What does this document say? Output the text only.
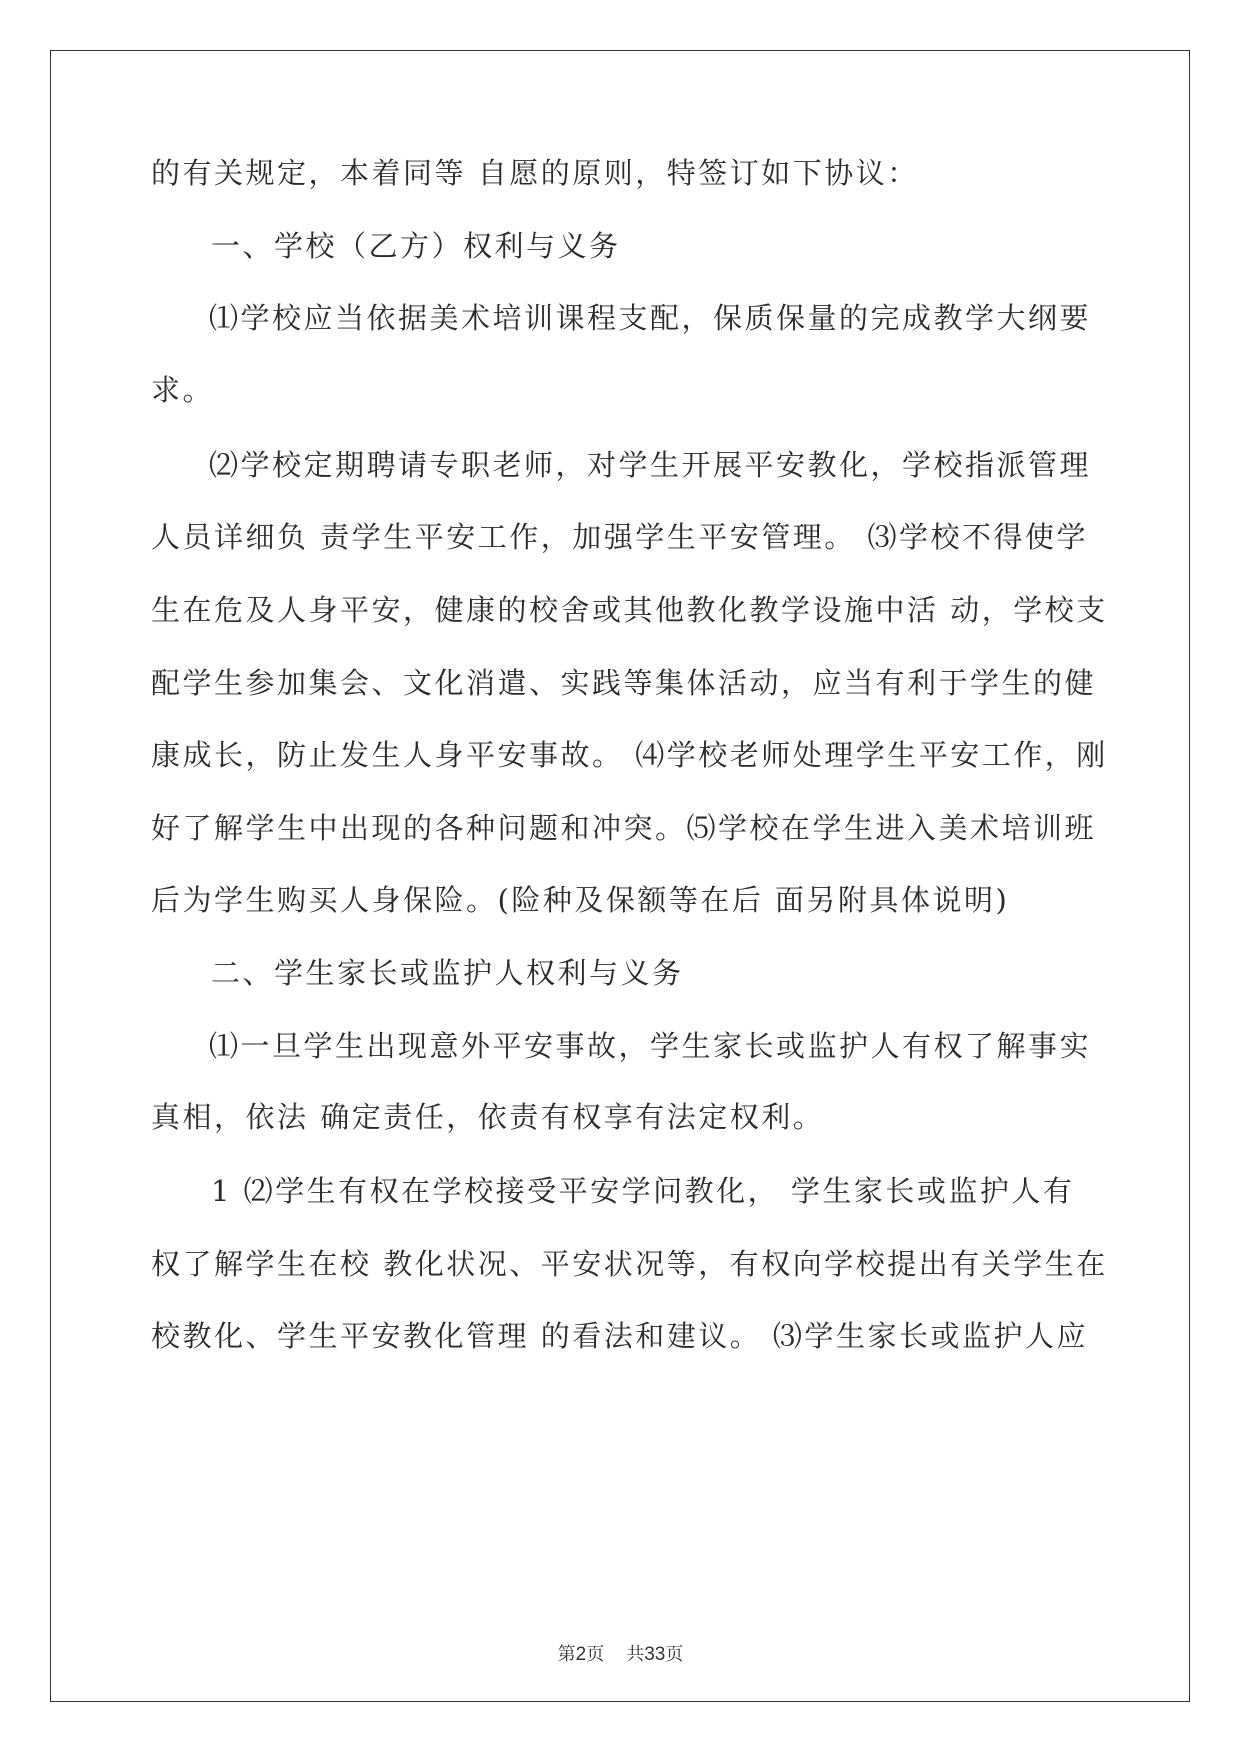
的有关规定，本着同等 自愿的原则，特签订如下协议：
一、学校（乙方）权利与义务
⑴学校应当依据美术培训课程支配，保质保量的完成教学大纲要
求。
⑵学校定期聘请专职老师，对学生开展平安教化，学校指派管理
人员详细负 责学生平安工作，加强学生平安管理。 ⑶学校不得使学
生在危及人身平安，健康的校舍或其他教化教学设施中活 动，学校支
配学生参加集会、文化消遣、实践等集体活动，应当有利于学生的健
康成长，防止发生人身平安事故。 ⑷学校老师处理学生平安工作，刚
好了解学生中出现的各种问题和冲突。⑸学校在学生进入美术培训班
后为学生购买人身保险。(险种及保额等在后 面另附具体说明)
二、学生家长或监护人权利与义务
⑴一旦学生出现意外平安事故，学生家长或监护人有权了解事实
真相，依法 确定责任，依责有权享有法定权利。
1 ⑵学生有权在学校接受平安学问教化， 学生家长或监护人有
权了解学生在校 教化状况、平安状况等，有权向学校提出有关学生在
校教化、学生平安教化管理 的看法和建议。 ⑶学生家长或监护人应
第2页 共33页
